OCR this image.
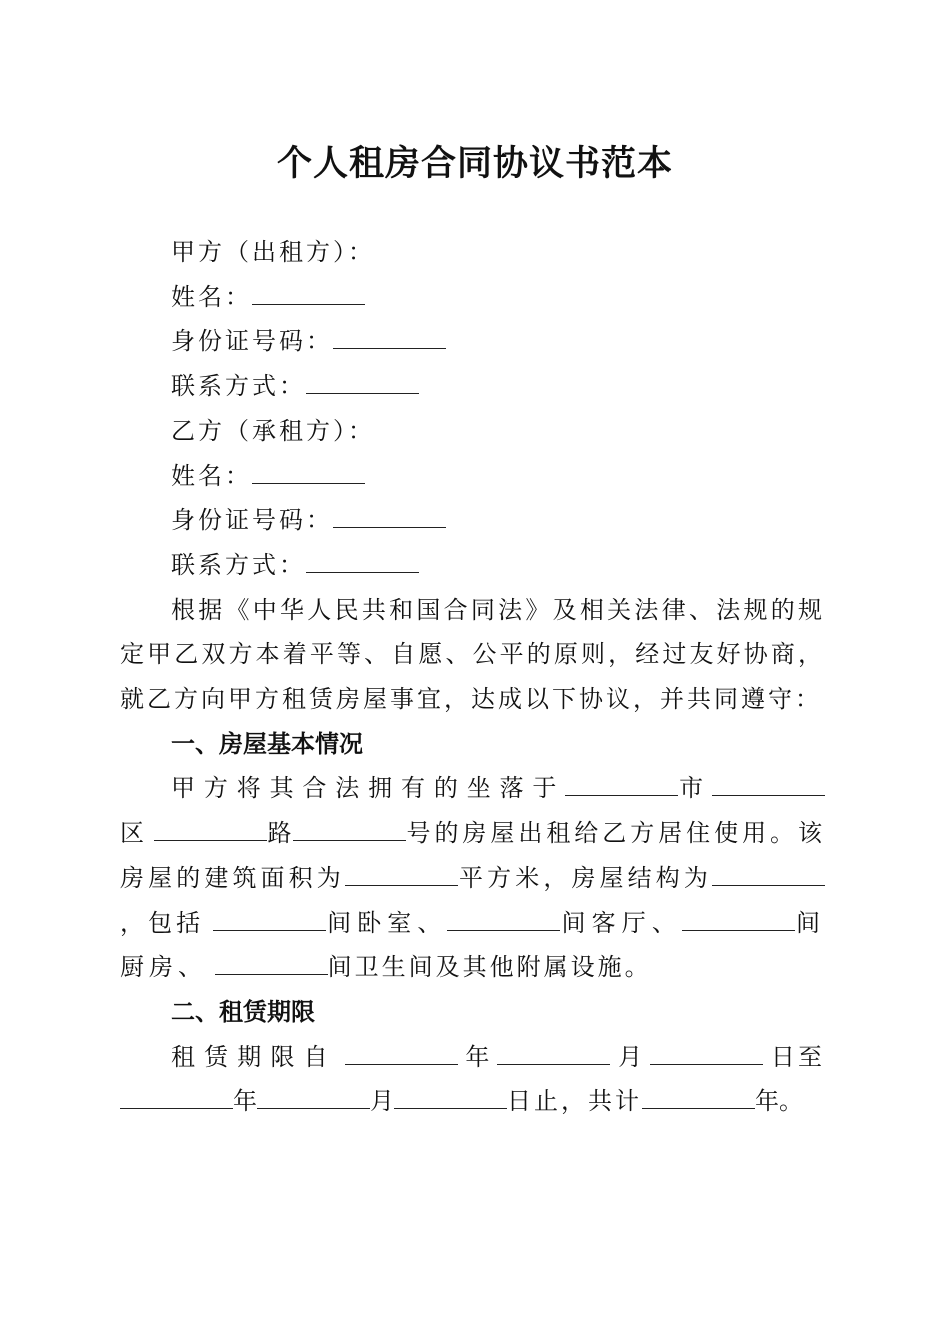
个人租房合同协议书范本
甲方（出租方）：
姓名：
身份证号码：
联系方式：
乙方（承租方）：
姓名：
身份证号码：
联系方式：
根据《中华人民共和国合同法》及相关法律、法规的规定甲乙双方本着平等、自愿、公平的原则，经过友好协商，就乙方向甲方租赁房屋事宜，达成以下协议，并共同遵守：
一、房屋基本情况
甲方将其合法拥有的坐落于	市区	路	号的房屋出租给乙方居住使用。该房屋的建筑面积为	平方米，房屋结构为，包括	间卧室、	间客厅、	间厨房、	间卫生间及其他附属设施。
二、租赁期限
租赁期限自	年	月	日至 年	月	日止，共计	年。
